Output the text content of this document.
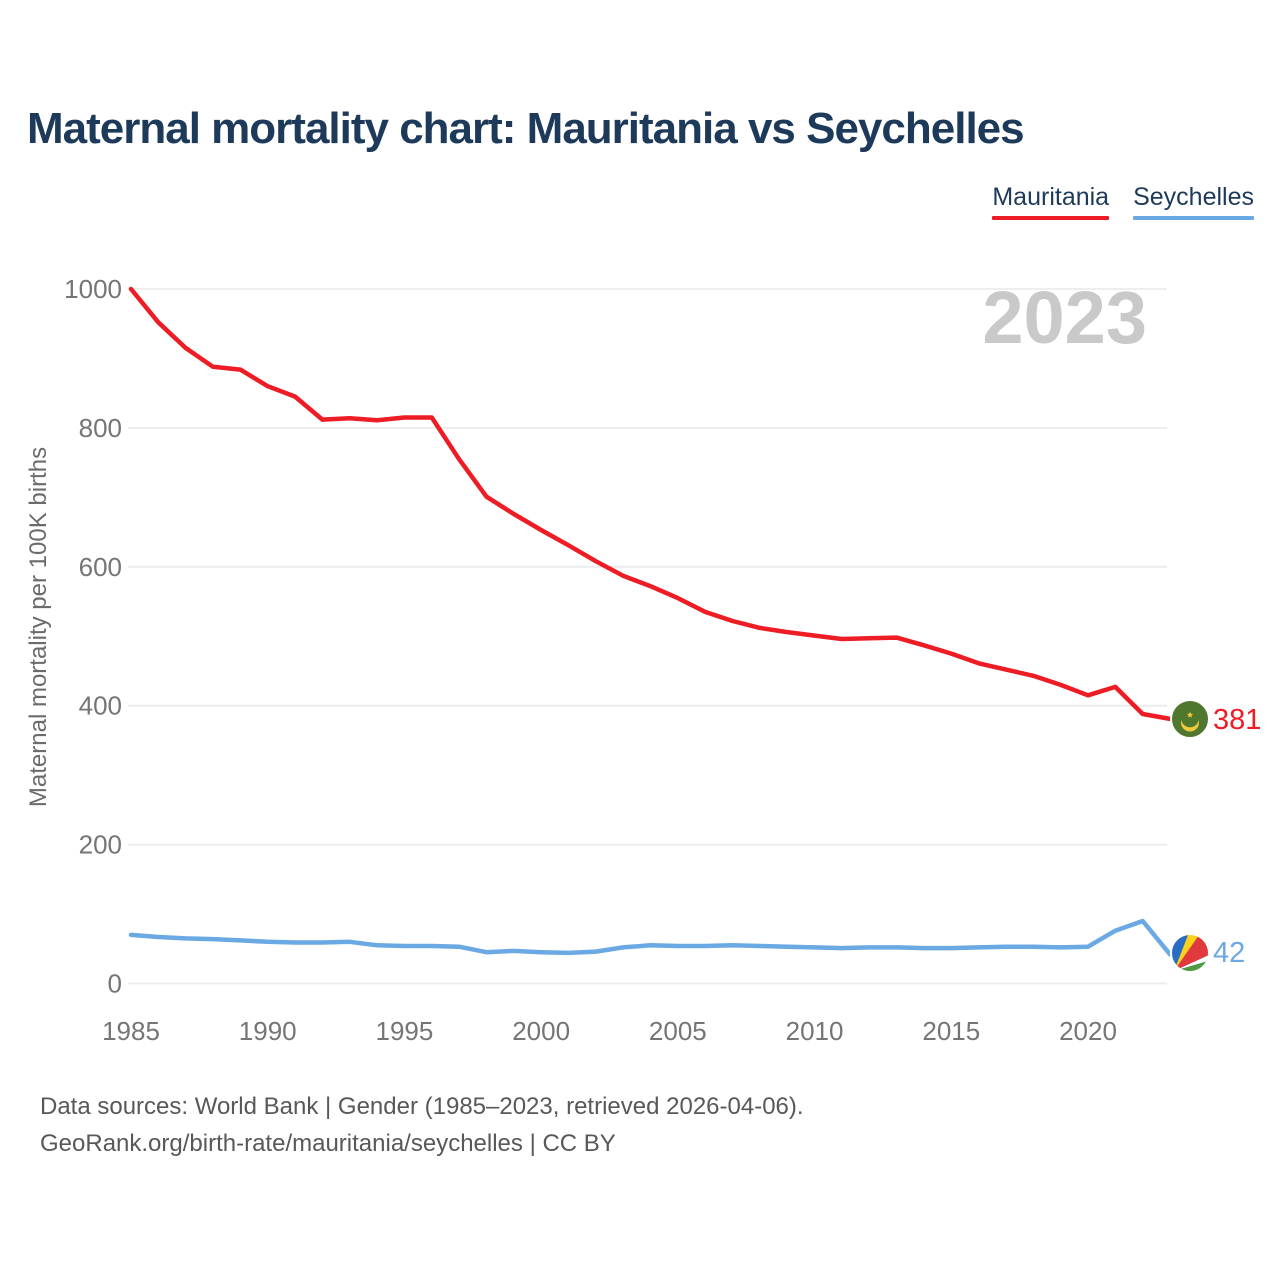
Maternal mortality chart: Mauritania vs Seychelles
Mauritania Seychelles
0
200
400
600
800
1000
1985	1990	1995	2000	2005	2010	2015	2020
Maternal mortality per 100K births
2023
381
42
Data sources: World Bank | Gender (1985–2023, retrieved 2026-04-06).
GeoRank.org/birth-rate/mauritania/seychelles | CC BY
